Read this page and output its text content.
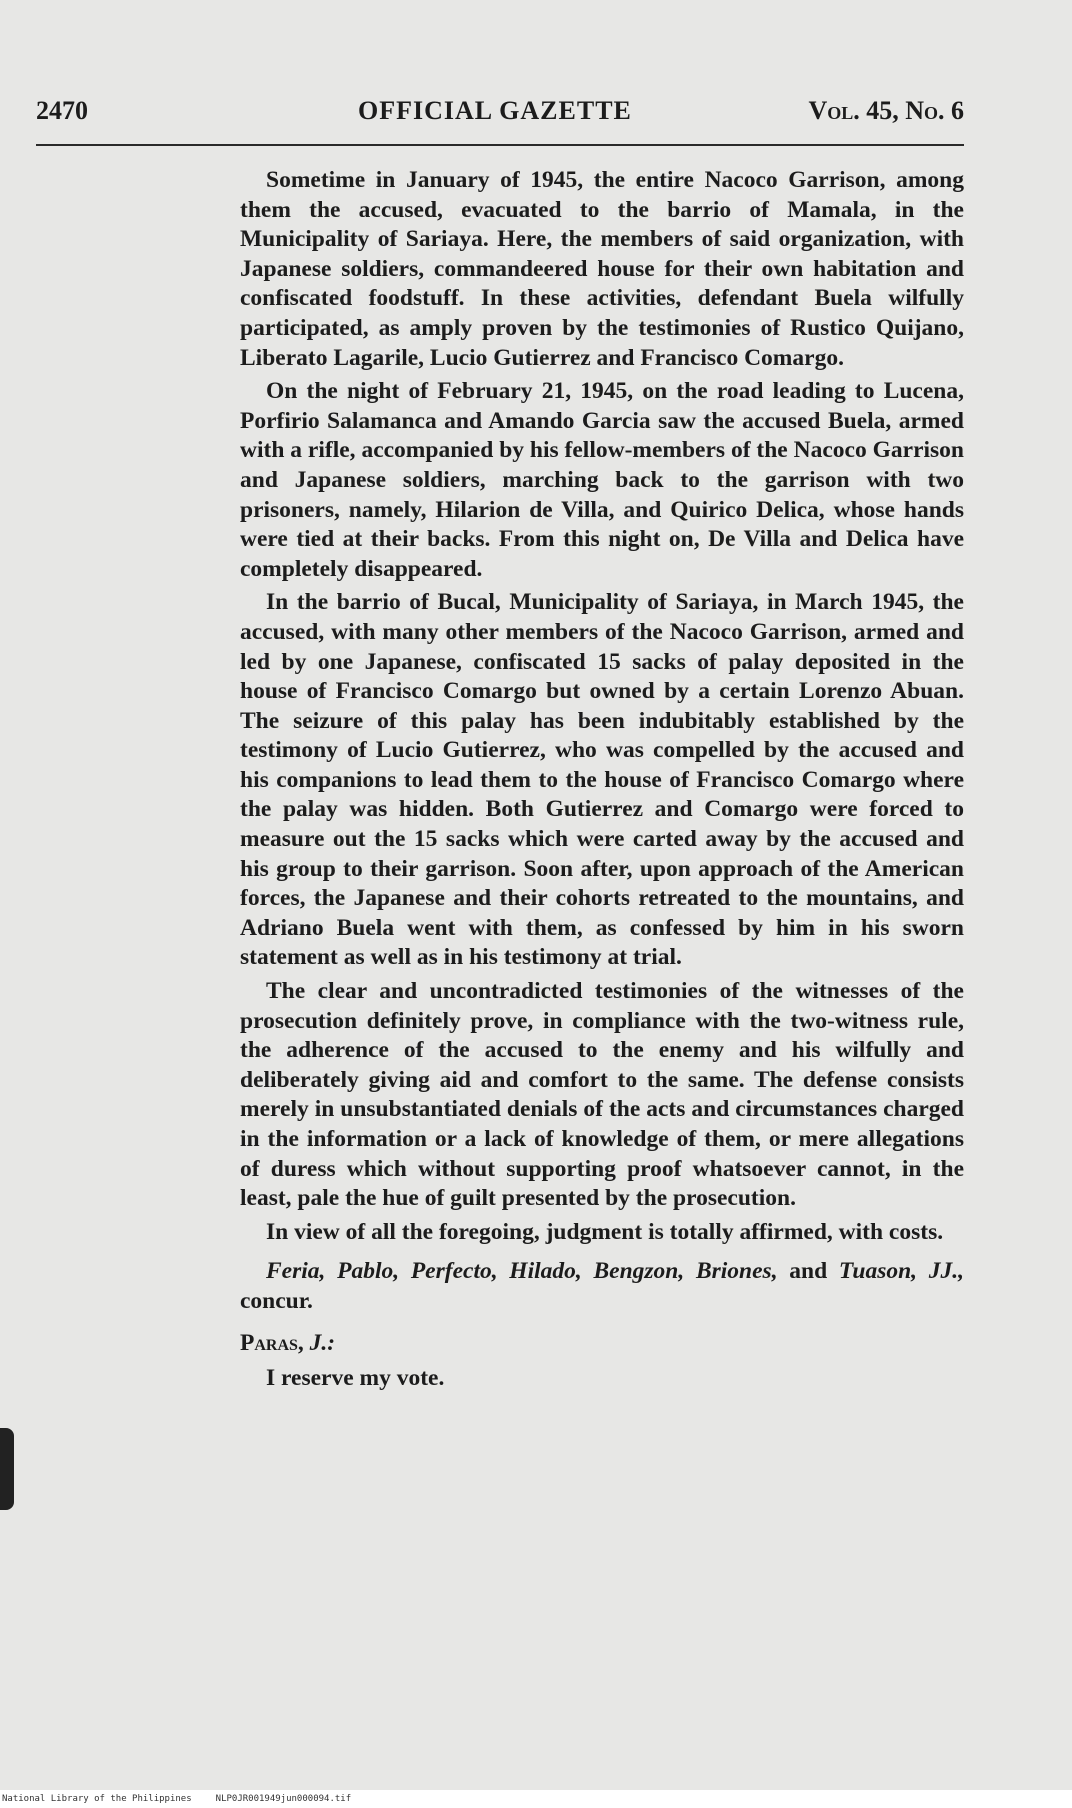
2470	OFFICIAL GAZETTE	Vol. 45, No. 6

Sometime in January of 1945, the entire Nacoco Garrison, among them the accused, evacuated to the barrio of Mamala, in the Municipality of Sariaya. Here, the members of said organization, with Japanese soldiers, commandeered house for their own habitation and confiscated foodstuff. In these activities, defendant Buela wilfully participated, as amply proven by the testimonies of Rustico Quijano, Liberato Lagarile, Lucio Gutierrez and Francisco Comargo.

On the night of February 21, 1945, on the road leading to Lucena, Porfirio Salamanca and Amando Garcia saw the accused Buela, armed with a rifle, accompanied by his fellow-members of the Nacoco Garrison and Japanese soldiers, marching back to the garrison with two prisoners, namely, Hilarion de Villa, and Quirico Delica, whose hands were tied at their backs. From this night on, De Villa and Delica have completely disappeared.

In the barrio of Bucal, Municipality of Sariaya, in March 1945, the accused, with many other members of the Nacoco Garrison, armed and led by one Japanese, confiscated 15 sacks of palay deposited in the house of Francisco Comargo but owned by a certain Lorenzo Abuan. The seizure of this palay has been indubitably established by the testimony of Lucio Gutierrez, who was compelled by the accused and his companions to lead them to the house of Francisco Comargo where the palay was hidden. Both Gutierrez and Comargo were forced to measure out the 15 sacks which were carted away by the accused and his group to their garrison. Soon after, upon approach of the American forces, the Japanese and their cohorts retreated to the mountains, and Adriano Buela went with them, as confessed by him in his sworn statement as well as in his testimony at trial.

The clear and uncontradicted testimonies of the witnesses of the prosecution definitely prove, in compliance with the two-witness rule, the adherence of the accused to the enemy and his wilfully and deliberately giving aid and comfort to the same. The defense consists merely in unsubstantiated denials of the acts and circumstances charged in the information or a lack of knowledge of them, or mere allegations of duress which without supporting proof whatsoever cannot, in the least, pale the hue of guilt presented by the prosecution.

In view of all the foregoing, judgment is totally affirmed, with costs.

Feria, Pablo, Perfecto, Hilado, Bengzon, Briones, and Tuason, JJ., concur.

Paras, J.:

I reserve my vote.

National Library of the Philippines	NLP0JR001949jun000094.tif
